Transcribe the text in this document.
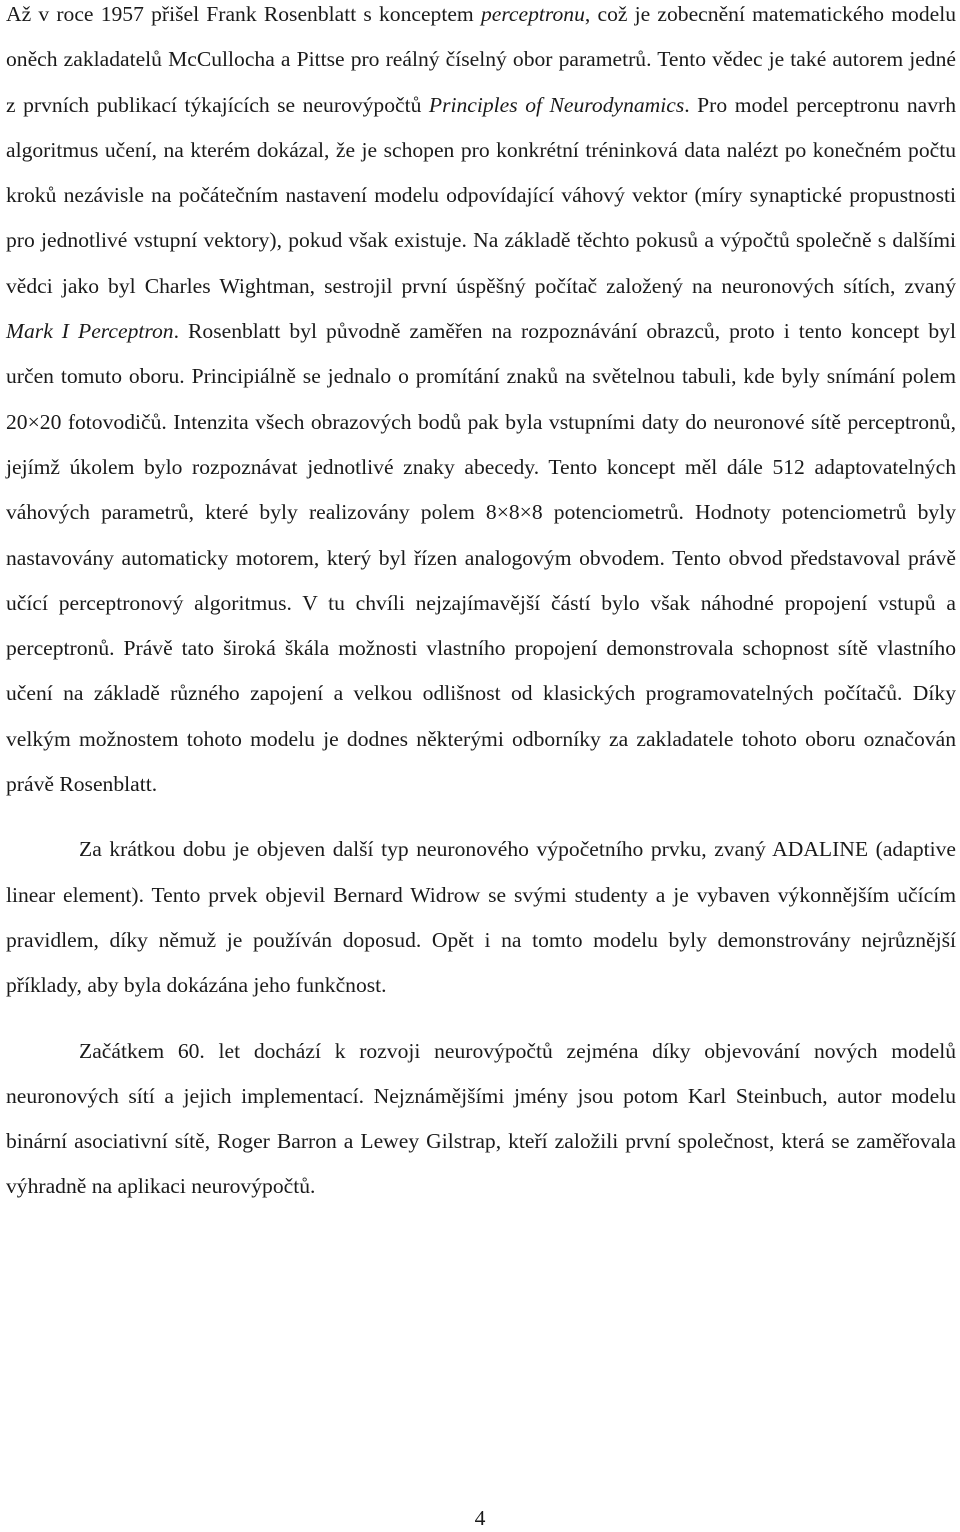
Až v roce 1957 přišel Frank Rosenblatt s konceptem perceptronu, což je zobecnění matematického modelu oněch zakladatelů McCullocha a Pittse pro reálný číselný obor parametrů. Tento vědec je také autorem jedné z prvních publikací týkajících se neurovýpočtů Principles of Neurodynamics. Pro model perceptronu navrh algoritmus učení, na kterém dokázal, že je schopen pro konkrétní tréninková data nalézt po konečném počtu kroků nezávisle na počátečním nastavení modelu odpovídající váhový vektor (míry synaptické propustnosti pro jednotlivé vstupní vektory), pokud však existuje. Na základě těchto pokusů a výpočtů společně s dalšími vědci jako byl Charles Wightman, sestrojil první úspěšný počítač založený na neuronových sítích, zvaný Mark I Perceptron. Rosenblatt byl původně zaměřen na rozpoznávání obrazců, proto i tento koncept byl určen tomuto oboru. Principiálně se jednalo o promítání znaků na světelnou tabuli, kde byly snímání polem 20×20 fotovodičů. Intenzita všech obrazových bodů pak byla vstupními daty do neuronové sítě perceptronů, jejímž úkolem bylo rozpoznávat jednotlivé znaky abecedy. Tento koncept měl dále 512 adaptovatelných váhových parametrů, které byly realizovány polem 8×8×8 potenciometrů. Hodnoty potenciometrů byly nastavovány automaticky motorem, který byl řízen analogovým obvodem. Tento obvod představoval právě učící perceptronový algoritmus. V tu chvíli nejzajímavější částí bylo však náhodné propojení vstupů a perceptronů. Právě tato široká škála možnosti vlastního propojení demonstrovala schopnost sítě vlastního učení na základě různého zapojení a velkou odlišnost od klasických programovatelných počítačů. Díky velkým možnostem tohoto modelu je dodnes některými odborníky za zakladatele tohoto oboru označován právě Rosenblatt.

Za krátkou dobu je objeven další typ neuronového výpočetního prvku, zvaný ADALINE (adaptive linear element). Tento prvek objevil Bernard Widrow se svými studenty a je vybaven výkonnějším učícím pravidlem, díky němuž je používán doposud. Opět i na tomto modelu byly demonstrovány nejrůznější příklady, aby byla dokázána jeho funkčnost.

Začátkem 60. let dochází k rozvoji neurovýpočtů zejména díky objevování nových modelů neuronových sítí a jejich implementací. Nejznámějšími jmény jsou potom Karl Steinbuch, autor modelu binární asociativní sítě, Roger Barron a Lewey Gilstrap, kteří založili první společnost, která se zaměřovala výhradně na aplikaci neurovýpočtů.

4
